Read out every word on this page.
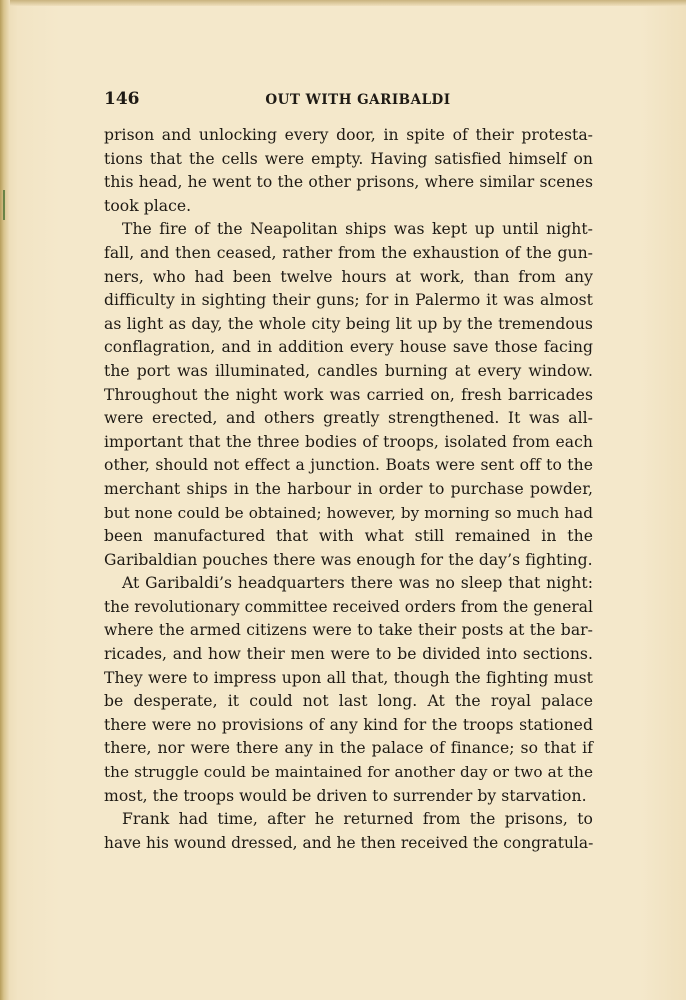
146	OUT WITH GARIBALDI
prison and unlocking every door, in spite of their protesta-
tions that the cells were empty. Having satisfied himself on
this head, he went to the other prisons, where similar scenes
took place.
The fire of the Neapolitan ships was kept up until night-
fall, and then ceased, rather from the exhaustion of the gun-
ners, who had been twelve hours at work, than from any
difficulty in sighting their guns; for in Palermo it was almost
as light as day, the whole city being lit up by the tremendous
conflagration, and in addition every house save those facing
the port was illuminated, candles burning at every window.
Throughout the night work was carried on, fresh barricades
were erected, and others greatly strengthened. It was all-
important that the three bodies of troops, isolated from each
other, should not effect a junction. Boats were sent off to the
merchant ships in the harbour in order to purchase powder,
but none could be obtained; however, by morning so much had
been manufactured that with what still remained in the
Garibaldian pouches there was enough for the day’s fighting.
At Garibaldi’s headquarters there was no sleep that night:
the revolutionary committee received orders from the general
where the armed citizens were to take their posts at the bar-
ricades, and how their men were to be divided into sections.
They were to impress upon all that, though the fighting must
be desperate, it could not last long. At the royal palace
there were no provisions of any kind for the troops stationed
there, nor were there any in the palace of finance; so that if
the struggle could be maintained for another day or two at the
most, the troops would be driven to surrender by starvation.
Frank had time, after he returned from the prisons, to
have his wound dressed, and he then received the congratula-
